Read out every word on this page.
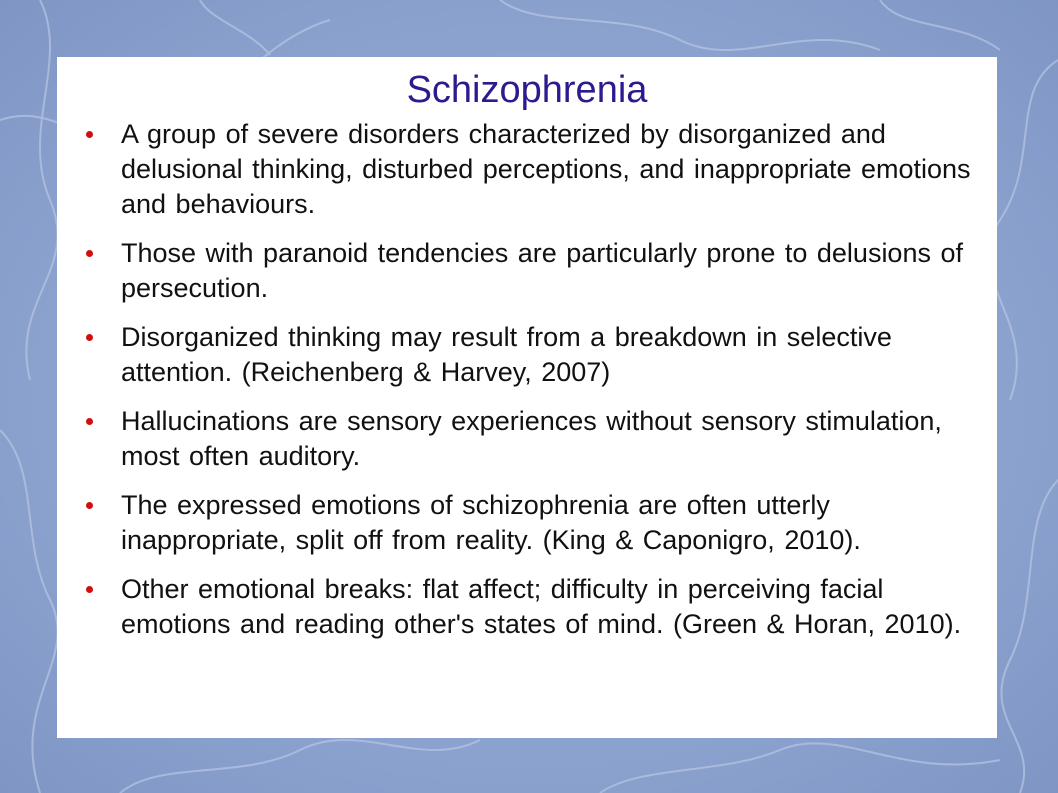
Schizophrenia
A group of severe disorders characterized by disorganized and delusional thinking, disturbed perceptions, and inappropriate emotions and behaviours.
Those with paranoid tendencies are particularly prone to delusions of persecution.
Disorganized thinking may result from a breakdown in selective attention. (Reichenberg & Harvey, 2007)
Hallucinations are sensory experiences without sensory stimulation, most often auditory.
The expressed emotions of schizophrenia are often utterly inappropriate, split off from reality. (King & Caponigro, 2010).
Other emotional breaks: flat affect; difficulty in perceiving facial emotions and reading other's states of mind. (Green & Horan, 2010).
